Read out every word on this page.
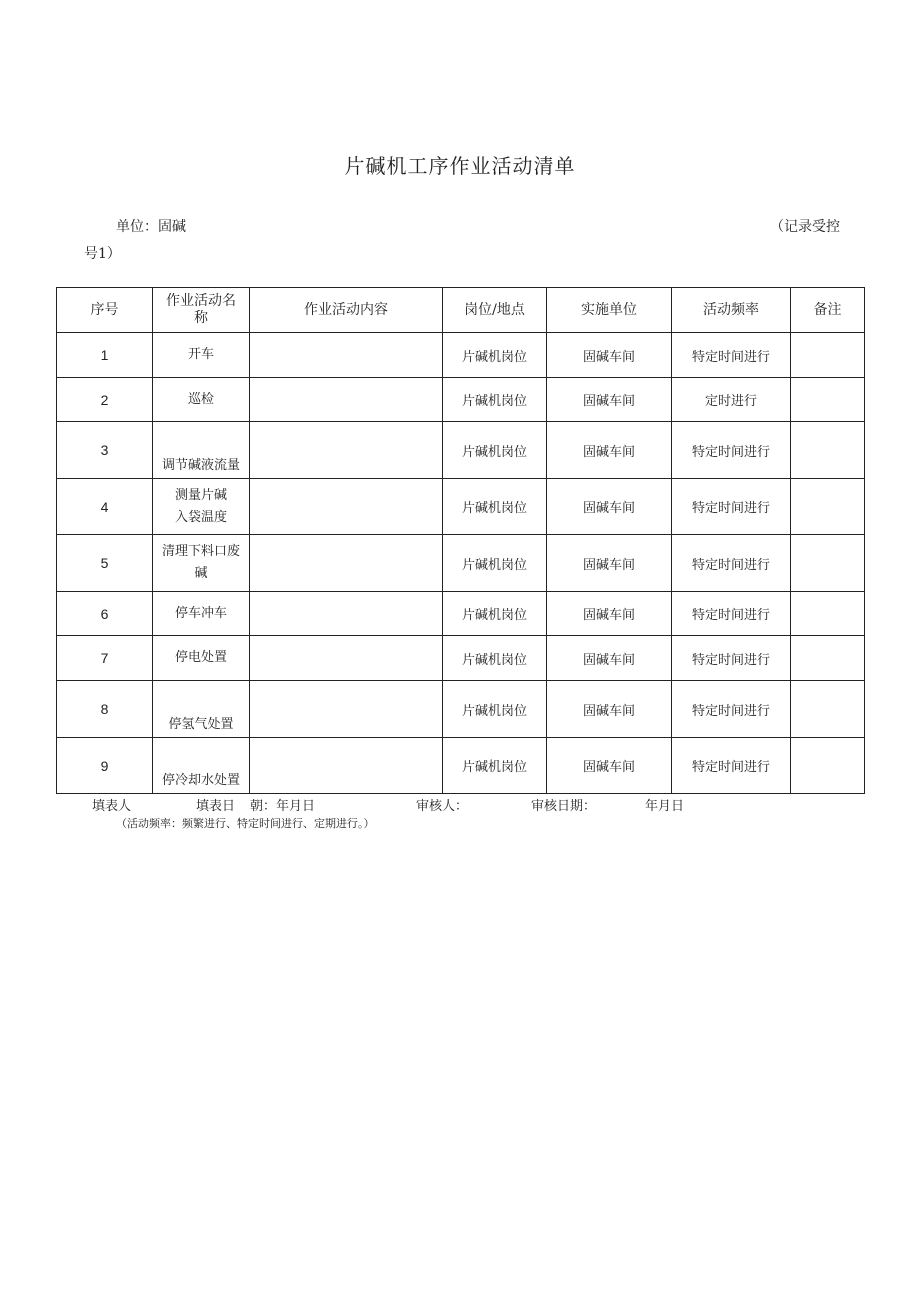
片碱机工序作业活动清单
单位：固碱	（记录受控
号1）
序号	作业活动名
称	作业活动内容	岗位/地点	实施单位	活动频率	备注
1	开车		片碱机岗位	固碱车间	特定时间进行	
2	巡检		片碱机岗位	固碱车间	定时进行	
3	调节碱液流量		片碱机岗位	固碱车间	特定时间进行	
4	测量片碱
入袋温度		片碱机岗位	固碱车间	特定时间进行	
5	清理下料口废
碱		片碱机岗位	固碱车间	特定时间进行	
6	停车冲车		片碱机岗位	固碱车间	特定时间进行	
7	停电处置		片碱机岗位	固碱车间	特定时间进行	
8	停氢气处置		片碱机岗位	固碱车间	特定时间进行	
9	停冷却水处置		片碱机岗位	固碱车间	特定时间进行	
填表人	填表日 朝：年月日	审核人：	审核日期：	年月日
（活动频率：频繁进行、特定时间进行、定期进行。）
